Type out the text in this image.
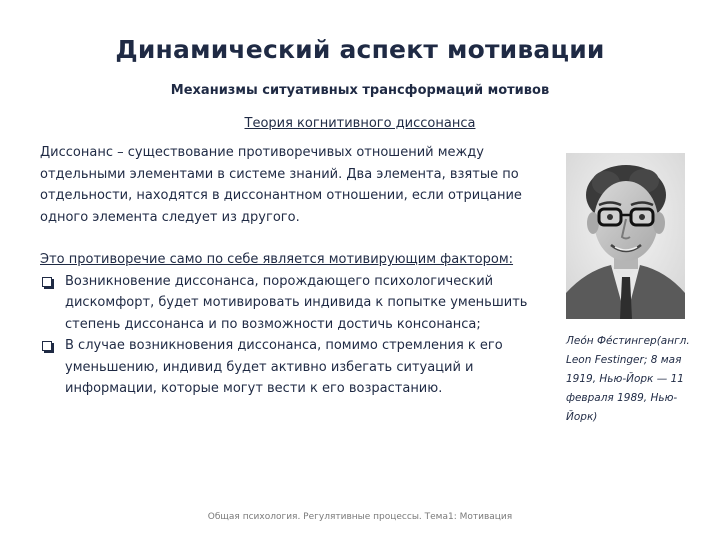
Динамический аспект мотивации
Механизмы ситуативных трансформаций мотивов
Теория когнитивного диссонанса

Диссонанс – существование противоречивых отношений между отдельными элементами в системе знаний. Два элемента, взятые по отдельности, находятся в диссонантном отношении, если отрицание одного элемента следует из другого.

Это противоречие само по себе является мотивирующим фактором:

Возникновение диссонанса, порождающего психологический дискомфорт, будет мотивировать индивида к попытке уменьшить степень диссонанса и по возможности достичь консонанса;
В случае возникновения диссонанса, помимо стремления к его уменьшению, индивид будет активно избегать ситуаций и информации, которые могут вести к его возрастанию.
Лео́н Фе́стингер(англ. Leon Festinger; 8 мая 1919, Нью-Йорк — 11 февраля 1989, Нью-Йорк)
Общая психология. Регулятивные процессы. Тема1: Мотивация
